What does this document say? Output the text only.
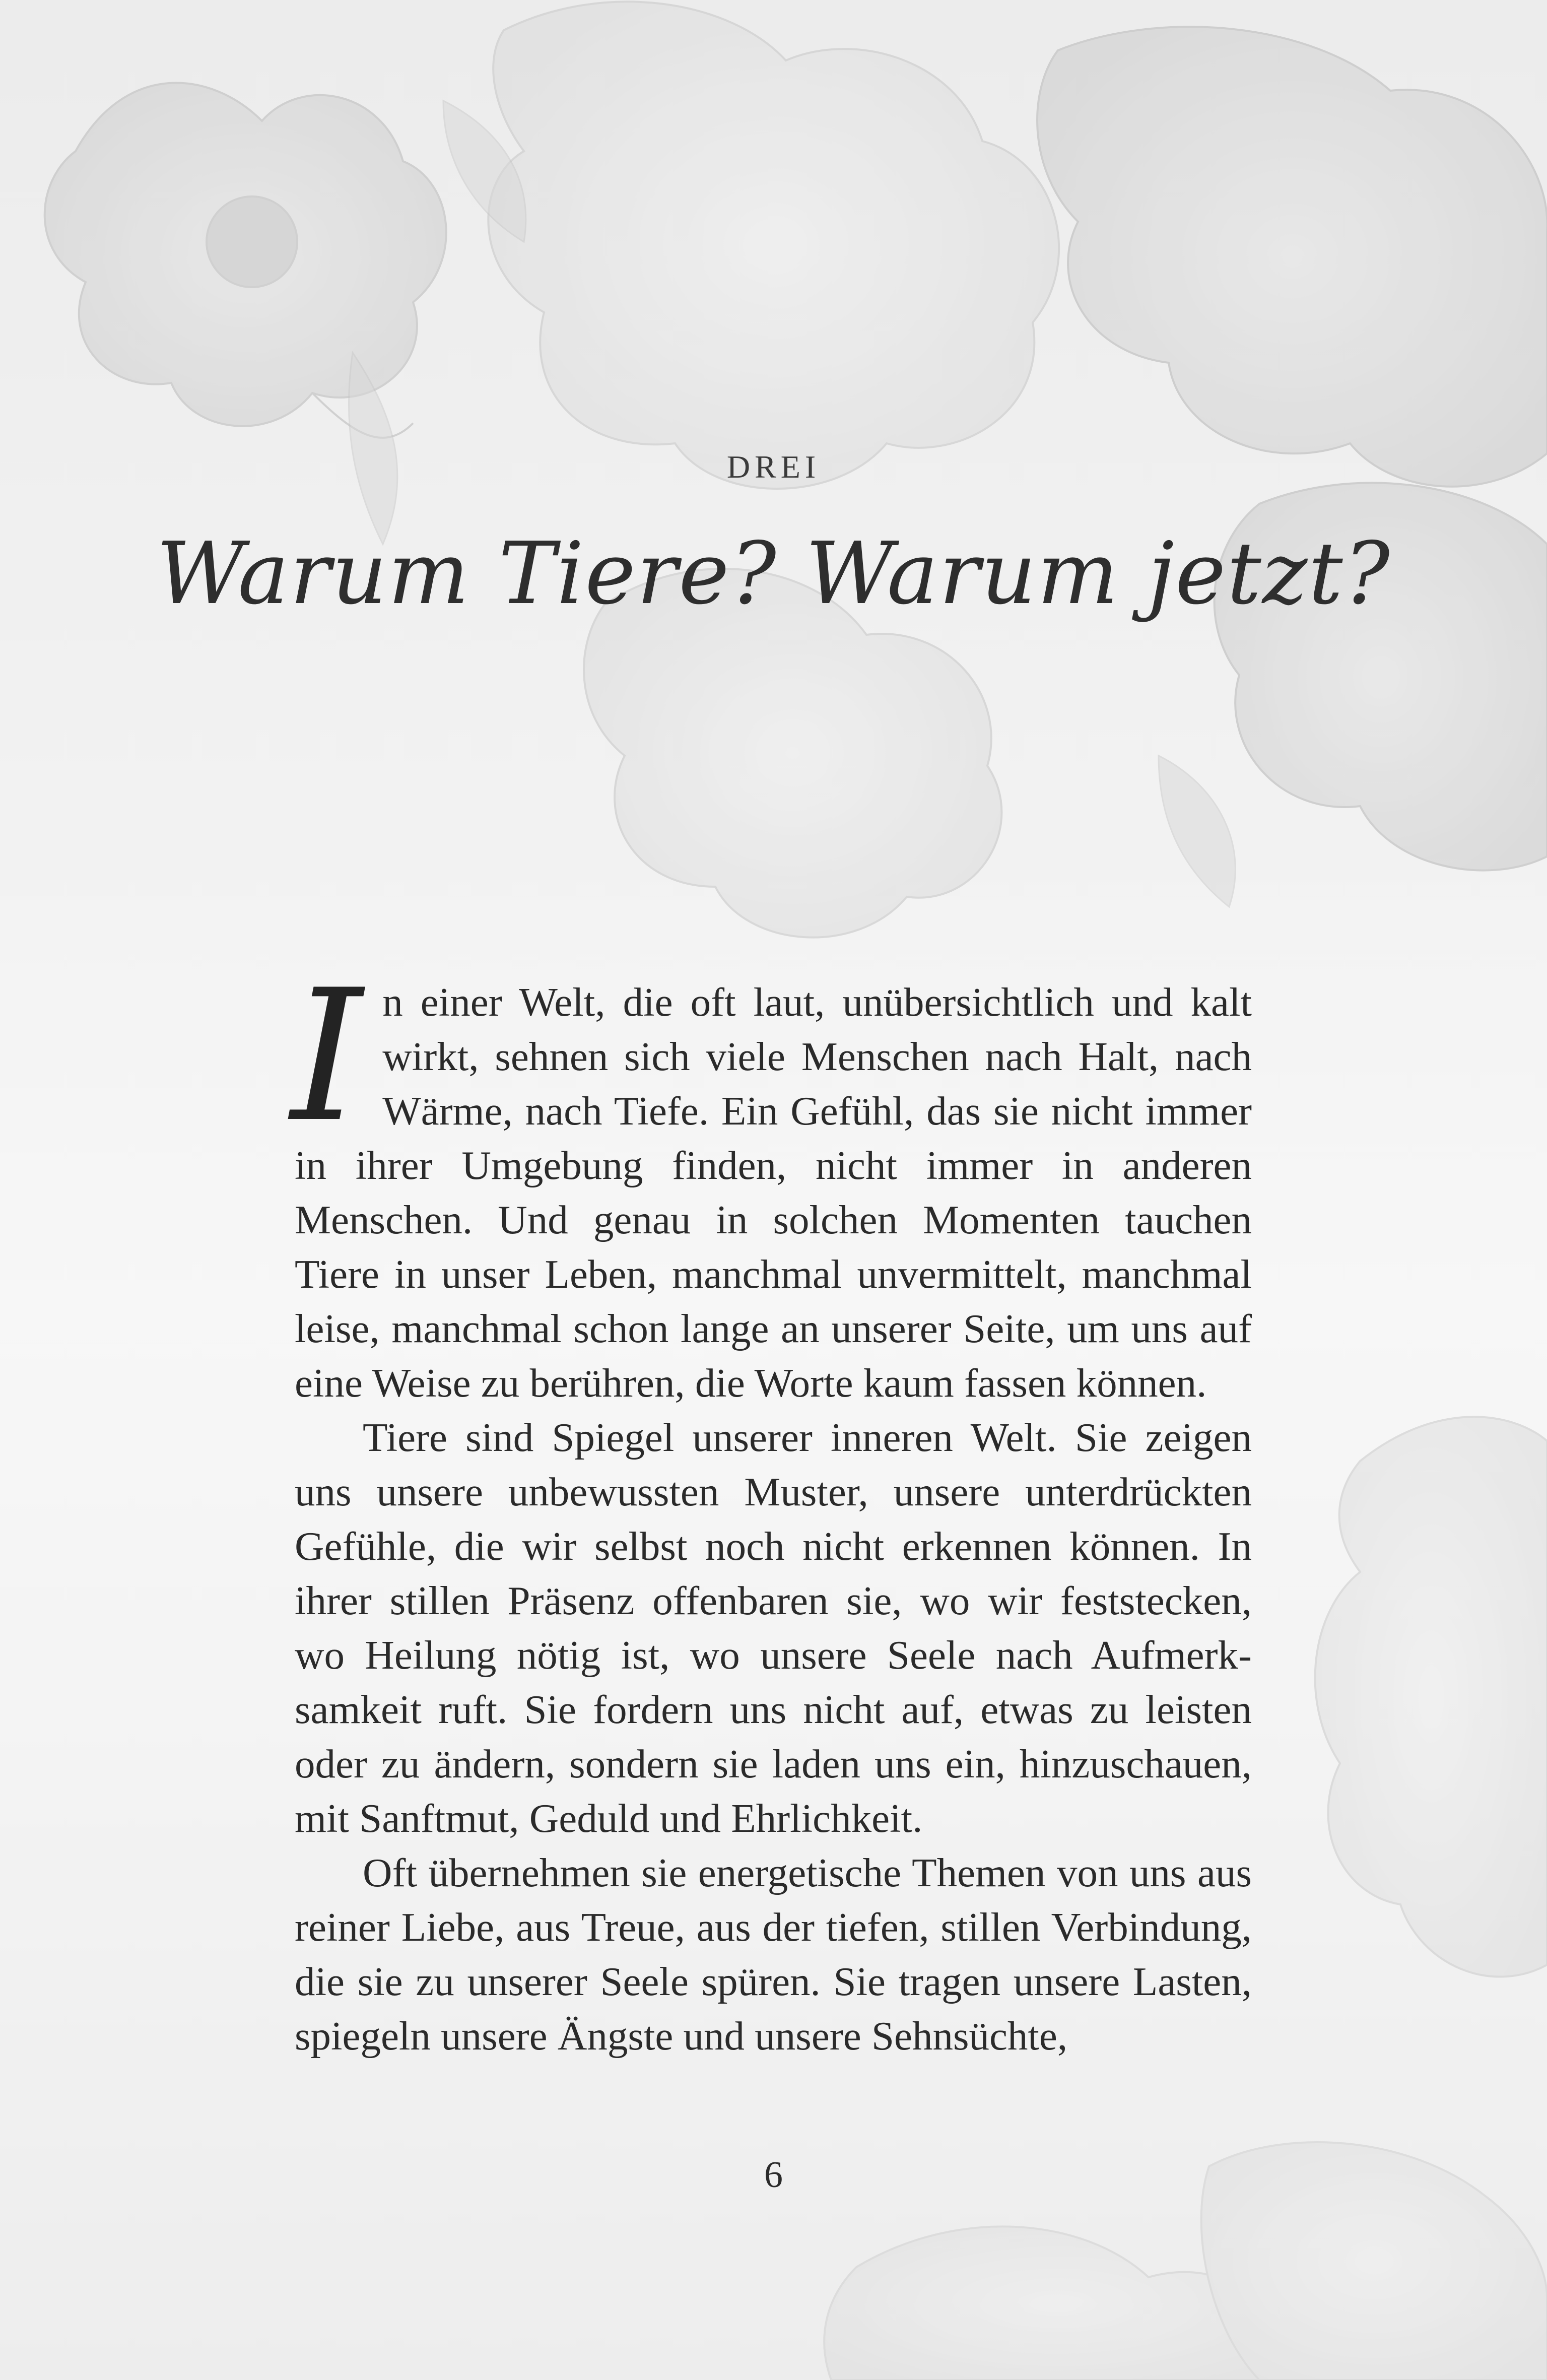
DREI
Warum Tiere? Warum jetzt?

I n einer Welt, die oft laut, unübersichtlich und kalt wirkt, sehnen sich viele Menschen nach Halt, nach Wärme, nach Tiefe. Ein Gefühl, das sie nicht immer in ihrer Umgebung finden, nicht immer in anderen Menschen. Und genau in solchen Momenten tauchen Tiere in unser Leben, manchmal unvermittelt, manchmal leise, manchmal schon lange an unserer Seite, um uns auf eine Weise zu berühren, die Worte kaum fassen können.

Tiere sind Spiegel unserer inneren Welt. Sie zeigen uns unsere unbewussten Muster, unsere unterdrückten Gefühle, die wir selbst noch nicht erkennen können. In ihrer stillen Präsenz offenbaren sie, wo wir feststecken, wo Heilung nötig ist, wo unsere Seele nach Aufmerksamkeit ruft. Sie fordern uns nicht auf, etwas zu leisten oder zu ändern, sondern sie laden uns ein, hinzuschauen, mit Sanftmut, Geduld und Ehrlichkeit.

Oft übernehmen sie energetische Themen von uns aus reiner Liebe, aus Treue, aus der tiefen, stillen Verbindung, die sie zu unserer Seele spüren. Sie tragen unsere Lasten, spiegeln unsere Ängste und unsere Sehnsüchte,

6
